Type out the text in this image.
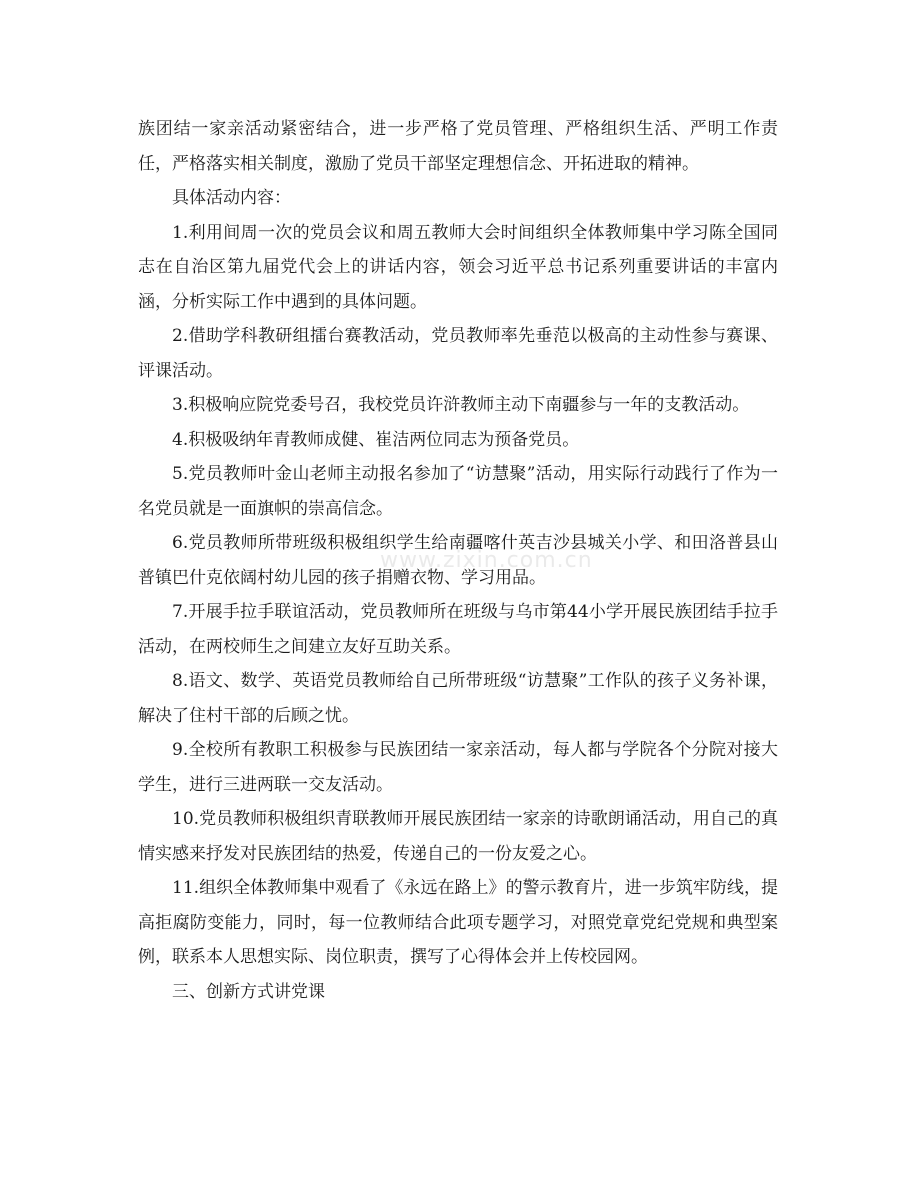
族团结一家亲活动紧密结合，进一步严格了党员管理、严格组织生活、严明工作责任，严格落实相关制度，激励了党员干部坚定理想信念、开拓进取的精神。

具体活动内容：

1.利用间周一次的党员会议和周五教师大会时间组织全体教师集中学习陈全国同志在自治区第九届党代会上的讲话内容，领会习近平总书记系列重要讲话的丰富内涵，分析实际工作中遇到的具体问题。

2.借助学科教研组擂台赛教活动，党员教师率先垂范以极高的主动性参与赛课、评课活动。

3.积极响应院党委号召，我校党员许浒教师主动下南疆参与一年的支教活动。

4.积极吸纳年青教师成健、崔洁两位同志为预备党员。

5.党员教师叶金山老师主动报名参加了“访慧聚”活动，用实际行动践行了作为一名党员就是一面旗帜的崇高信念。

6.党员教师所带班级积极组织学生给南疆喀什英吉沙县城关小学、和田洛普县山普镇巴什克依阔村幼儿园的孩子捐赠衣物、学习用品。

7.开展手拉手联谊活动，党员教师所在班级与乌市第44小学开展民族团结手拉手活动，在两校师生之间建立友好互助关系。

8.语文、数学、英语党员教师给自己所带班级“访慧聚”工作队的孩子义务补课，解决了住村干部的后顾之忧。

9.全校所有教职工积极参与民族团结一家亲活动，每人都与学院各个分院对接大学生，进行三进两联一交友活动。

10.党员教师积极组织青联教师开展民族团结一家亲的诗歌朗诵活动，用自己的真情实感来抒发对民族团结的热爱，传递自己的一份友爱之心。

11.组织全体教师集中观看了《永远在路上》的警示教育片，进一步筑牢防线，提高拒腐防变能力，同时，每一位教师结合此项专题学习，对照党章党纪党规和典型案例，联系本人思想实际、岗位职责，撰写了心得体会并上传校园网。

三、创新方式讲党课

www.zixin.com.cn
